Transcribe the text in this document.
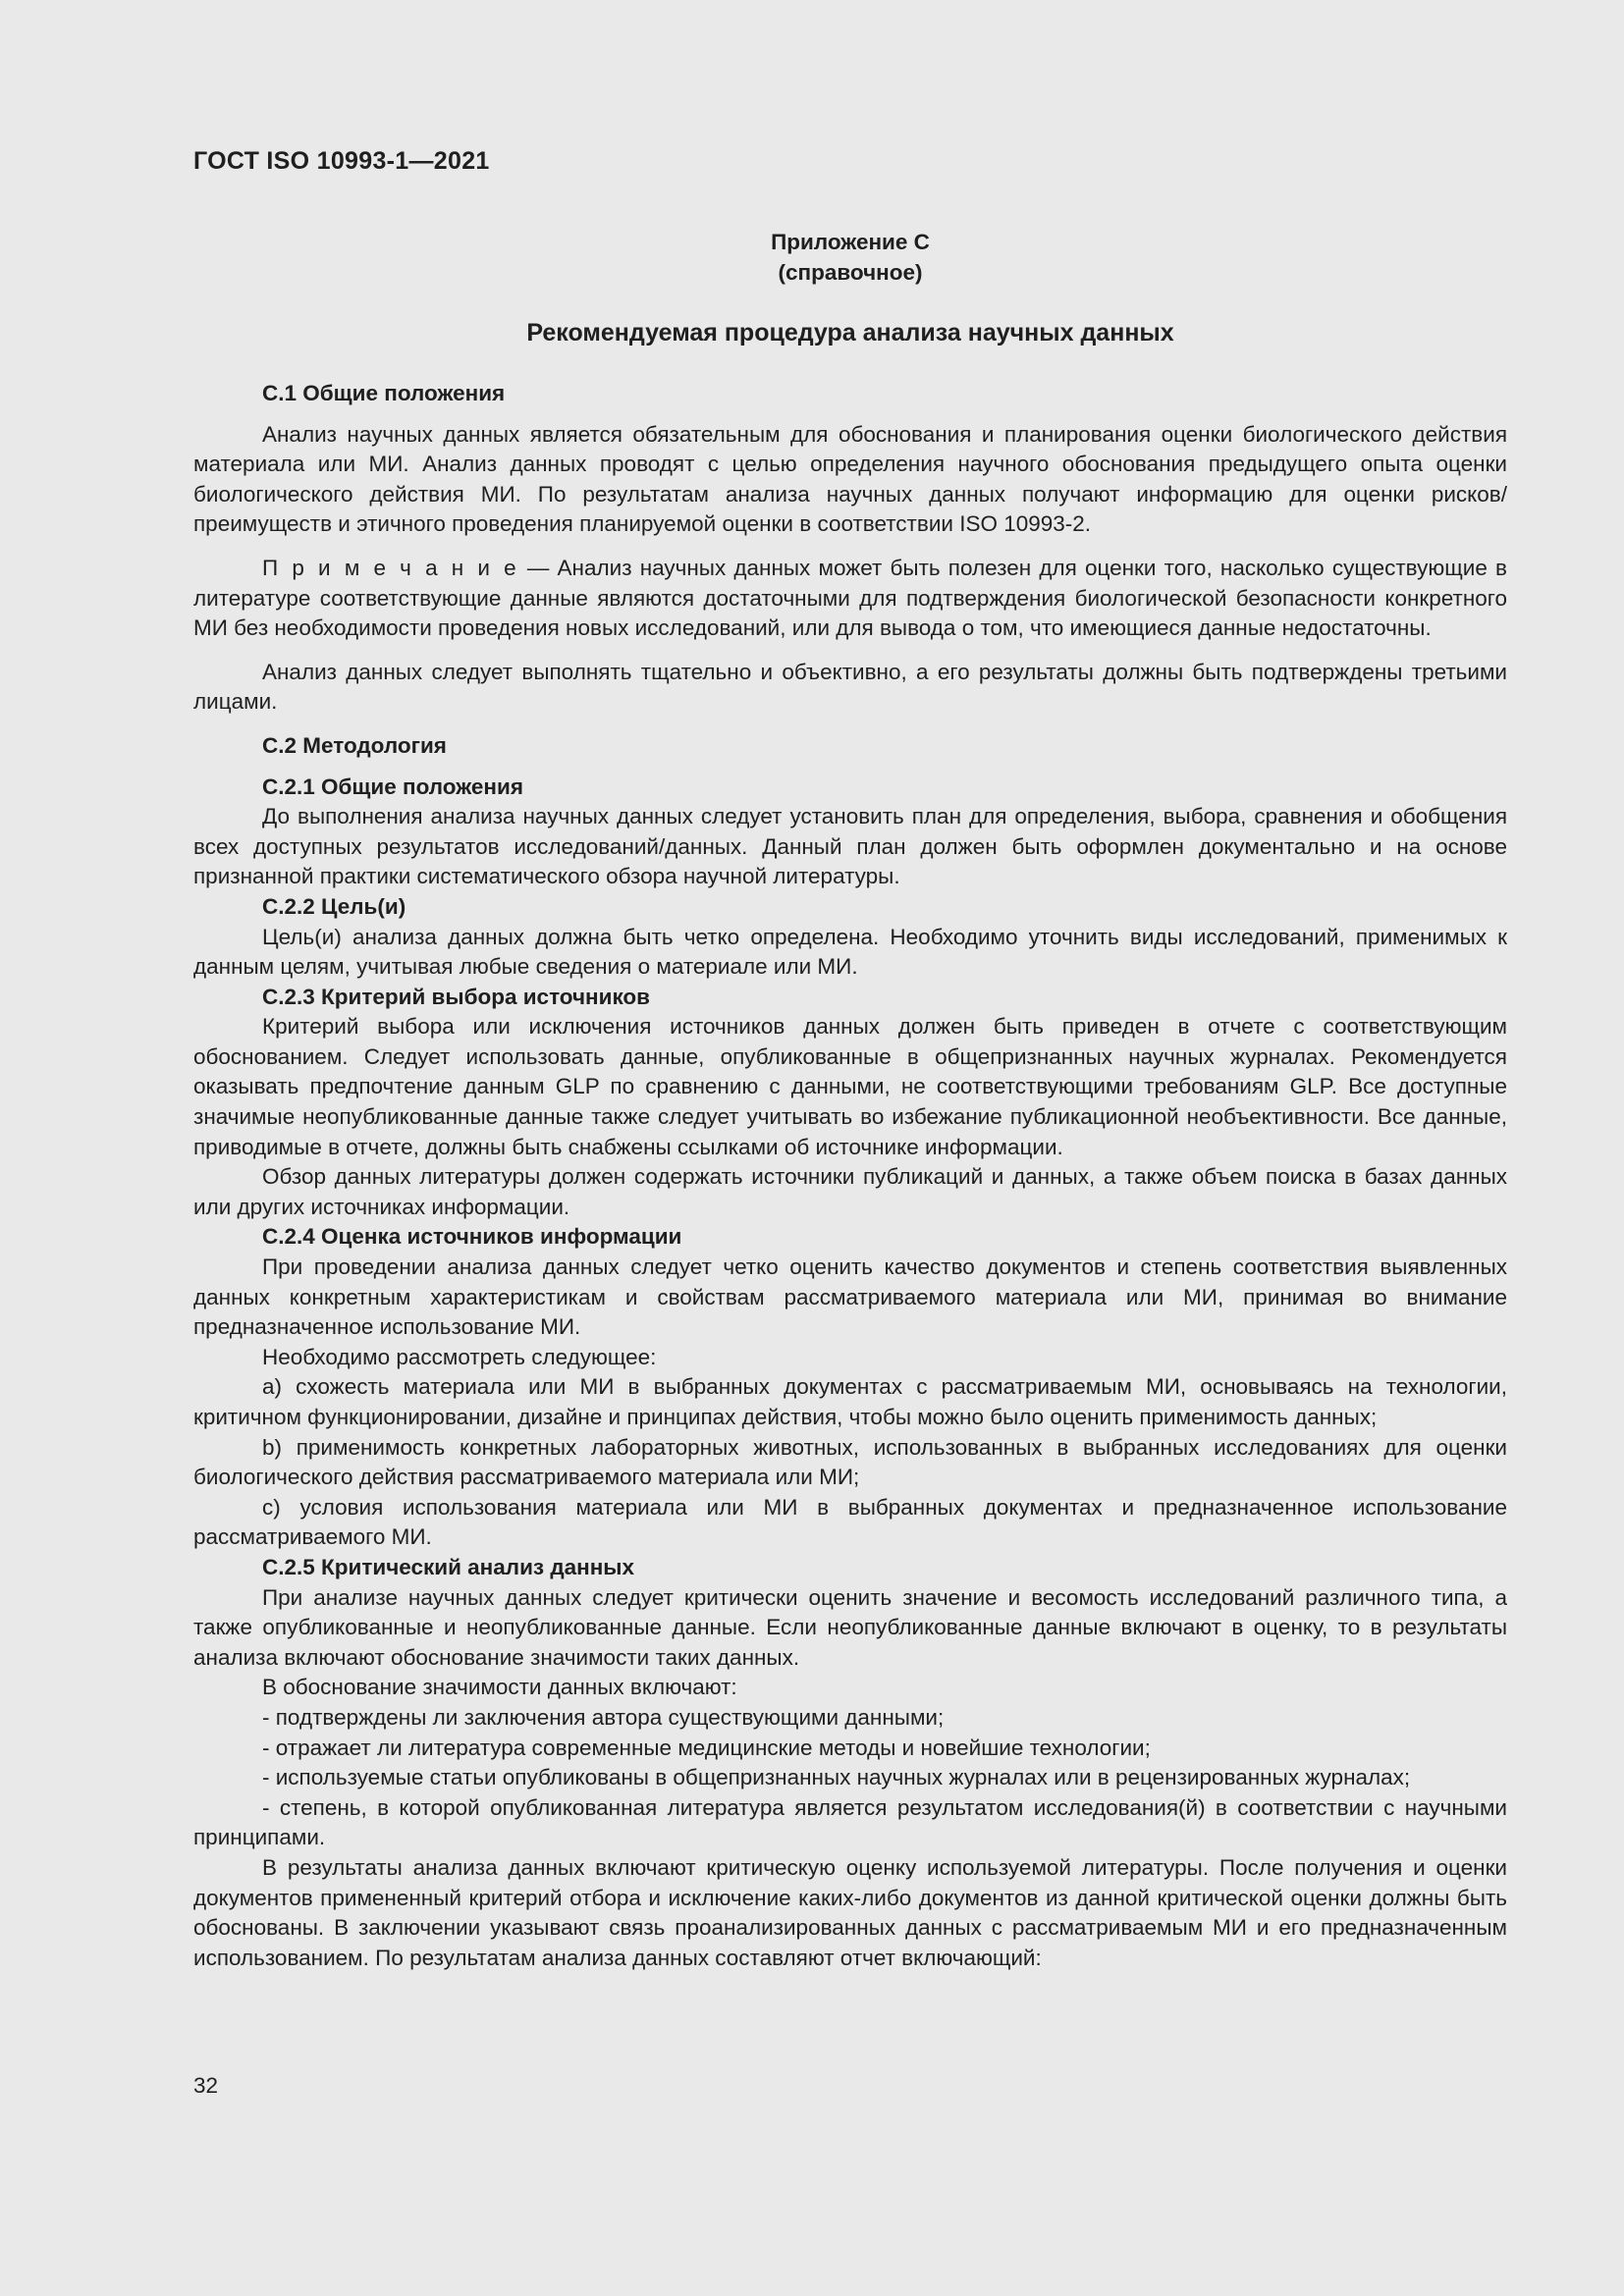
ГОСТ ISO 10993-1—2021
Приложение С
(справочное)
Рекомендуемая процедура анализа научных данных
С.1 Общие положения

Анализ научных данных является обязательным для обоснования и планирования оценки биологического действия материала или МИ. Анализ данных проводят с целью определения научного обоснования предыдущего опыта оценки биологического действия МИ. По результатам анализа научных данных получают информацию для оценки рисков/преимуществ и этичного проведения планируемой оценки в соответствии ISO 10993-2.

П р и м е ч а н и е — Анализ научных данных может быть полезен для оценки того, насколько существующие в литературе соответствующие данные являются достаточными для подтверждения биологической безопасности конкретного МИ без необходимости проведения новых исследований, или для вывода о том, что имеющиеся данные недостаточны.

Анализ данных следует выполнять тщательно и объективно, а его результаты должны быть подтверждены третьими лицами.

С.2 Методология
С.2.1 Общие положения

До выполнения анализа научных данных следует установить план для определения, выбора, сравнения и обобщения всех доступных результатов исследований/данных. Данный план должен быть оформлен документально и на основе признанной практики систематического обзора научной литературы.

С.2.2 Цель(и)

Цель(и) анализа данных должна быть четко определена. Необходимо уточнить виды исследований, применимых к данным целям, учитывая любые сведения о материале или МИ.

С.2.3 Критерий выбора источников

Критерий выбора или исключения источников данных должен быть приведен в отчете с соответствующим обоснованием. Следует использовать данные, опубликованные в общепризнанных научных журналах. Рекомендуется оказывать предпочтение данным GLP по сравнению с данными, не соответствующими требованиям GLP. Все доступные значимые неопубликованные данные также следует учитывать во избежание публикационной необъективности. Все данные, приводимые в отчете, должны быть снабжены ссылками об источнике информации.

Обзор данных литературы должен содержать источники публикаций и данных, а также объем поиска в базах данных или других источниках информации.

С.2.4 Оценка источников информации

При проведении анализа данных следует четко оценить качество документов и степень соответствия выявленных данных конкретным характеристикам и свойствам рассматриваемого материала или МИ, принимая во внимание предназначенное использование МИ.

Необходимо рассмотреть следующее:

а) схожесть материала или МИ в выбранных документах с рассматриваемым МИ, основываясь на технологии, критичном функционировании, дизайне и принципах действия, чтобы можно было оценить применимость данных;

b) применимость конкретных лабораторных животных, использованных в выбранных исследованиях для оценки биологического действия рассматриваемого материала или МИ;

с) условия использования материала или МИ в выбранных документах и предназначенное использование рассматриваемого МИ.

С.2.5 Критический анализ данных

При анализе научных данных следует критически оценить значение и весомость исследований различного типа, а также опубликованные и неопубликованные данные. Если неопубликованные данные включают в оценку, то в результаты анализа включают обоснование значимости таких данных.

В обоснование значимости данных включают:

- подтверждены ли заключения автора существующими данными;

- отражает ли литература современные медицинские методы и новейшие технологии;

- используемые статьи опубликованы в общепризнанных научных журналах или в рецензированных журналах;

- степень, в которой опубликованная литература является результатом исследования(й) в соответствии с научными принципами.

В результаты анализа данных включают критическую оценку используемой литературы. После получения и оценки документов примененный критерий отбора и исключение каких-либо документов из данной критической оценки должны быть обоснованы. В заключении указывают связь проанализированных данных с рассматриваемым МИ и его предназначенным использованием. По результатам анализа данных составляют отчет включающий:

32
